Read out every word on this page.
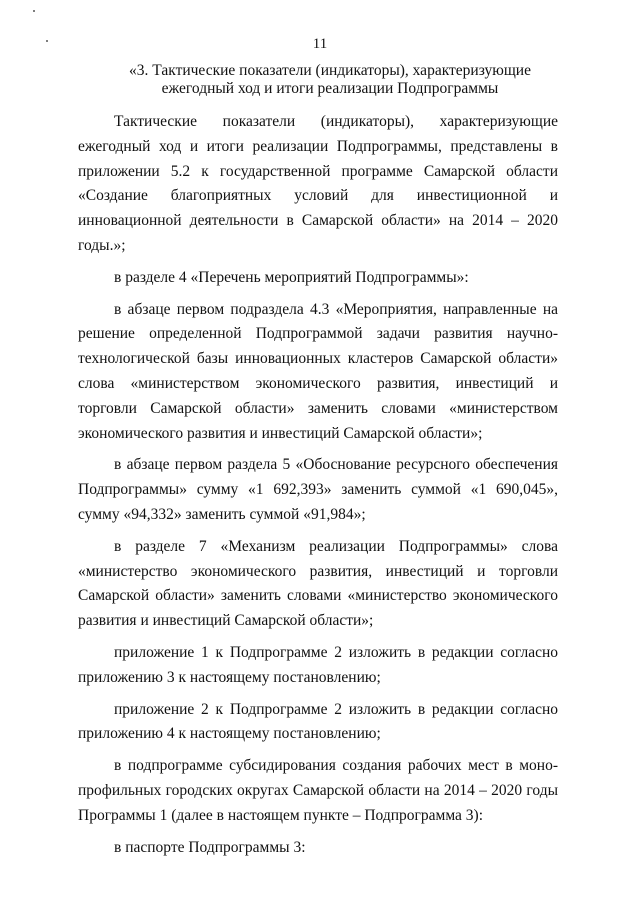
11
«3. Тактические показатели (индикаторы), характеризующие ежегодный ход и итоги реализации Подпрограммы

Тактические показатели (индикаторы), характеризующие ежегодный ход и итоги реализации Подпрограммы, представлены в приложении 5.2 к государственной программе Самарской области «Создание благоприятных условий для инвестиционной и инновационной деятельности в Самарской области» на 2014 – 2020 годы.»;

в разделе 4 «Перечень мероприятий Подпрограммы»:

в абзаце первом подраздела 4.3 «Мероприятия, направленные на решение определенной Подпрограммой задачи развития научно-технологической базы инновационных кластеров Самарской области» слова «министерством экономического развития, инвестиций и торговли Самарской области» заменить словами «министерством экономического развития и инвестиций Самарской области»;

в абзаце первом раздела 5 «Обоснование ресурсного обеспечения Подпрограммы» сумму «1 692,393» заменить суммой «1 690,045», сумму «94,332» заменить суммой «91,984»;

в разделе 7 «Механизм реализации Подпрограммы» слова «министерство экономического развития, инвестиций и торговли Самарской области» заменить словами «министерство экономического развития и инвестиций Самарской области»;

приложение 1 к Подпрограмме 2 изложить в редакции согласно приложению 3 к настоящему постановлению;

приложение 2 к Подпрограмме 2 изложить в редакции согласно приложению 4 к настоящему постановлению;

в подпрограмме субсидирования создания рабочих мест в моно-профильных городских округах Самарской области на 2014 – 2020 годы Программы 1 (далее в настоящем пункте – Подпрограмма 3):

в паспорте Подпрограммы 3:
